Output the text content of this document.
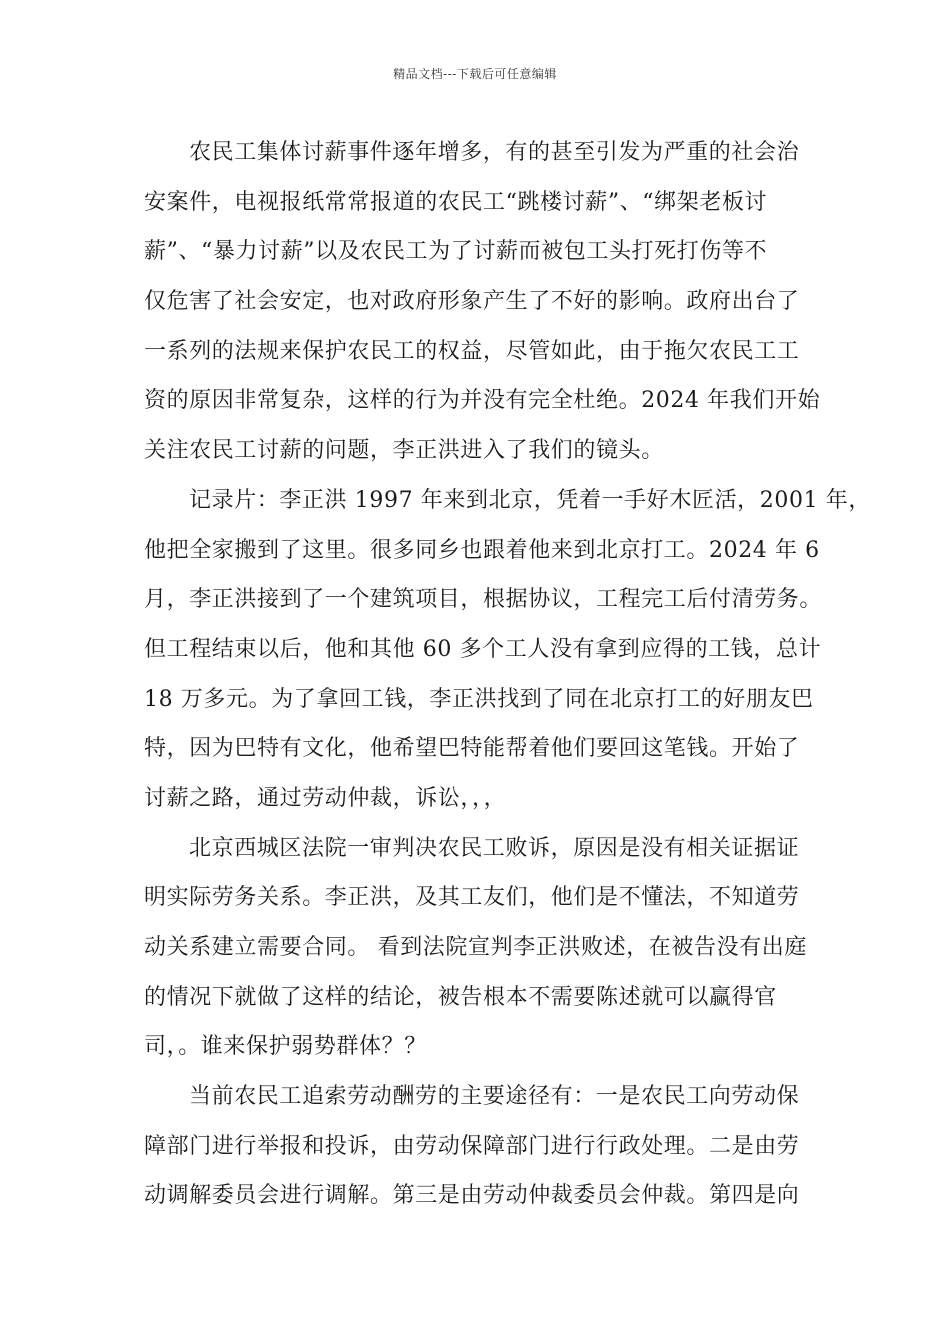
精品文档---下载后可任意编辑
农民工集体讨薪事件逐年增多，有的甚至引发为严重的社会治
安案件，电视报纸常常报道的农民工“跳楼讨薪”、“绑架老板讨
薪”、“暴力讨薪”以及农民工为了讨薪而被包工头打死打伤等不
仅危害了社会安定，也对政府形象产生了不好的影响。政府出台了
一系列的法规来保护农民工的权益，尽管如此，由于拖欠农民工工
资的原因非常复杂，这样的行为并没有完全杜绝。2024 年我们开始
关注农民工讨薪的问题，李正洪进入了我们的镜头。
记录片：李正洪 1997 年来到北京，凭着一手好木匠活，2001 年，
他把全家搬到了这里。很多同乡也跟着他来到北京打工。2024 年 6
月，李正洪接到了一个建筑项目，根据协议，工程完工后付清劳务。
但工程结束以后，他和其他 60 多个工人没有拿到应得的工钱，总计
18 万多元。为了拿回工钱，李正洪找到了同在北京打工的好朋友巴
特，因为巴特有文化，他希望巴特能帮着他们要回这笔钱。开始了
讨薪之路，通过劳动仲裁，诉讼，，，
北京西城区法院一审判决农民工败诉，原因是没有相关证据证
明实际劳务关系。李正洪，及其工友们，他们是不懂法，不知道劳
动关系建立需要合同。 看到法院宣判李正洪败述，在被告没有出庭
的情况下就做了这样的结论，被告根本不需要陈述就可以赢得官
司，。谁来保护弱势群体？？
当前农民工追索劳动酬劳的主要途径有：一是农民工向劳动保
障部门进行举报和投诉，由劳动保障部门进行行政处理。二是由劳
动调解委员会进行调解。第三是由劳动仲裁委员会仲裁。第四是向
